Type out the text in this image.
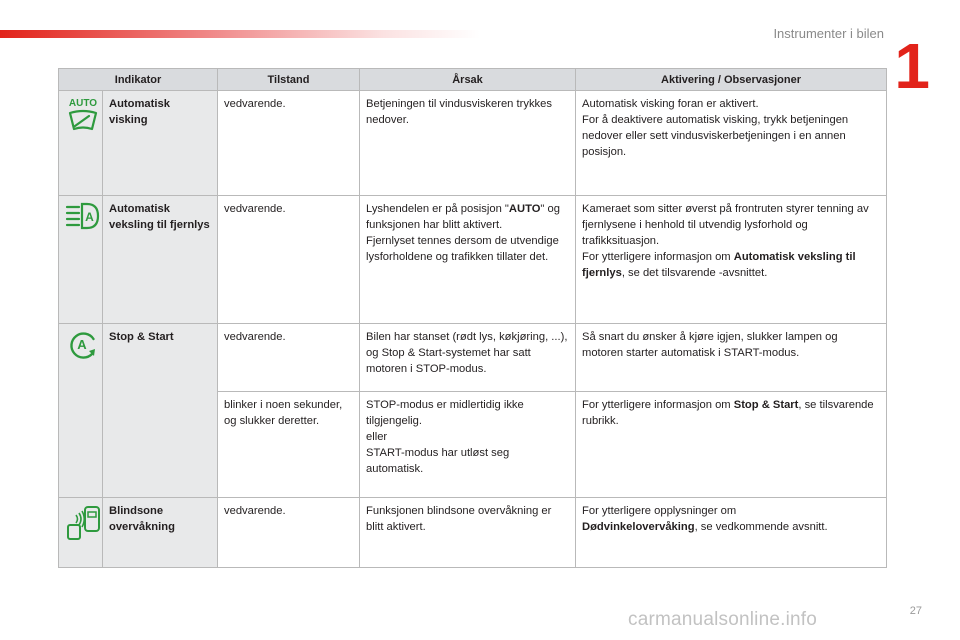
Instrumenter i bilen 1
Indikator		Tilstand	Årsak	Aktivering / Observasjoner

AUTO	Automatisk visking	vedvarende.	Betjeningen til vindusviskeren trykkes nedover.	Automatisk visking foran er aktivert.
For å deaktivere automatisk visking, trykk betjeningen nedover eller sett vindusviskerbetjeningen i en annen posisjon.

A	Automatisk veksling til fjernlys	vedvarende.	Lyshendelen er på posisjon "AUTO" og funksjonen har blitt aktivert.
Fjernlyset tennes dersom de utvendige lysforholdene og trafikken tillater det.	Kameraet som sitter øverst på frontruten styrer tenning av fjernlysene i henhold til utvendig lysforhold og trafikksituasjon.
For ytterligere informasjon om Automatisk veksling til fjernlys, se det tilsvarende -avsnittet.

A	Stop & Start	vedvarende.	Bilen har stanset (rødt lys, køkjøring, ...), og Stop & Start-systemet har satt motoren i STOP-modus.	Så snart du ønsker å kjøre igjen, slukker lampen og motoren starter automatisk i START-modus.
		blinker i noen sekunder, og slukker deretter.	STOP-modus er midlertidig ikke tilgjengelig.
eller
START-modus har utløst seg automatisk.	For ytterligere informasjon om Stop & Start, se tilsvarende rubrikk.

	Blindsone overvåkning	vedvarende.	Funksjonen blindsone overvåkning er blitt aktivert.	For ytterligere opplysninger om
Dødvinkelovervåking, se vedkommende avsnitt.
27
carmanualsonline.info
